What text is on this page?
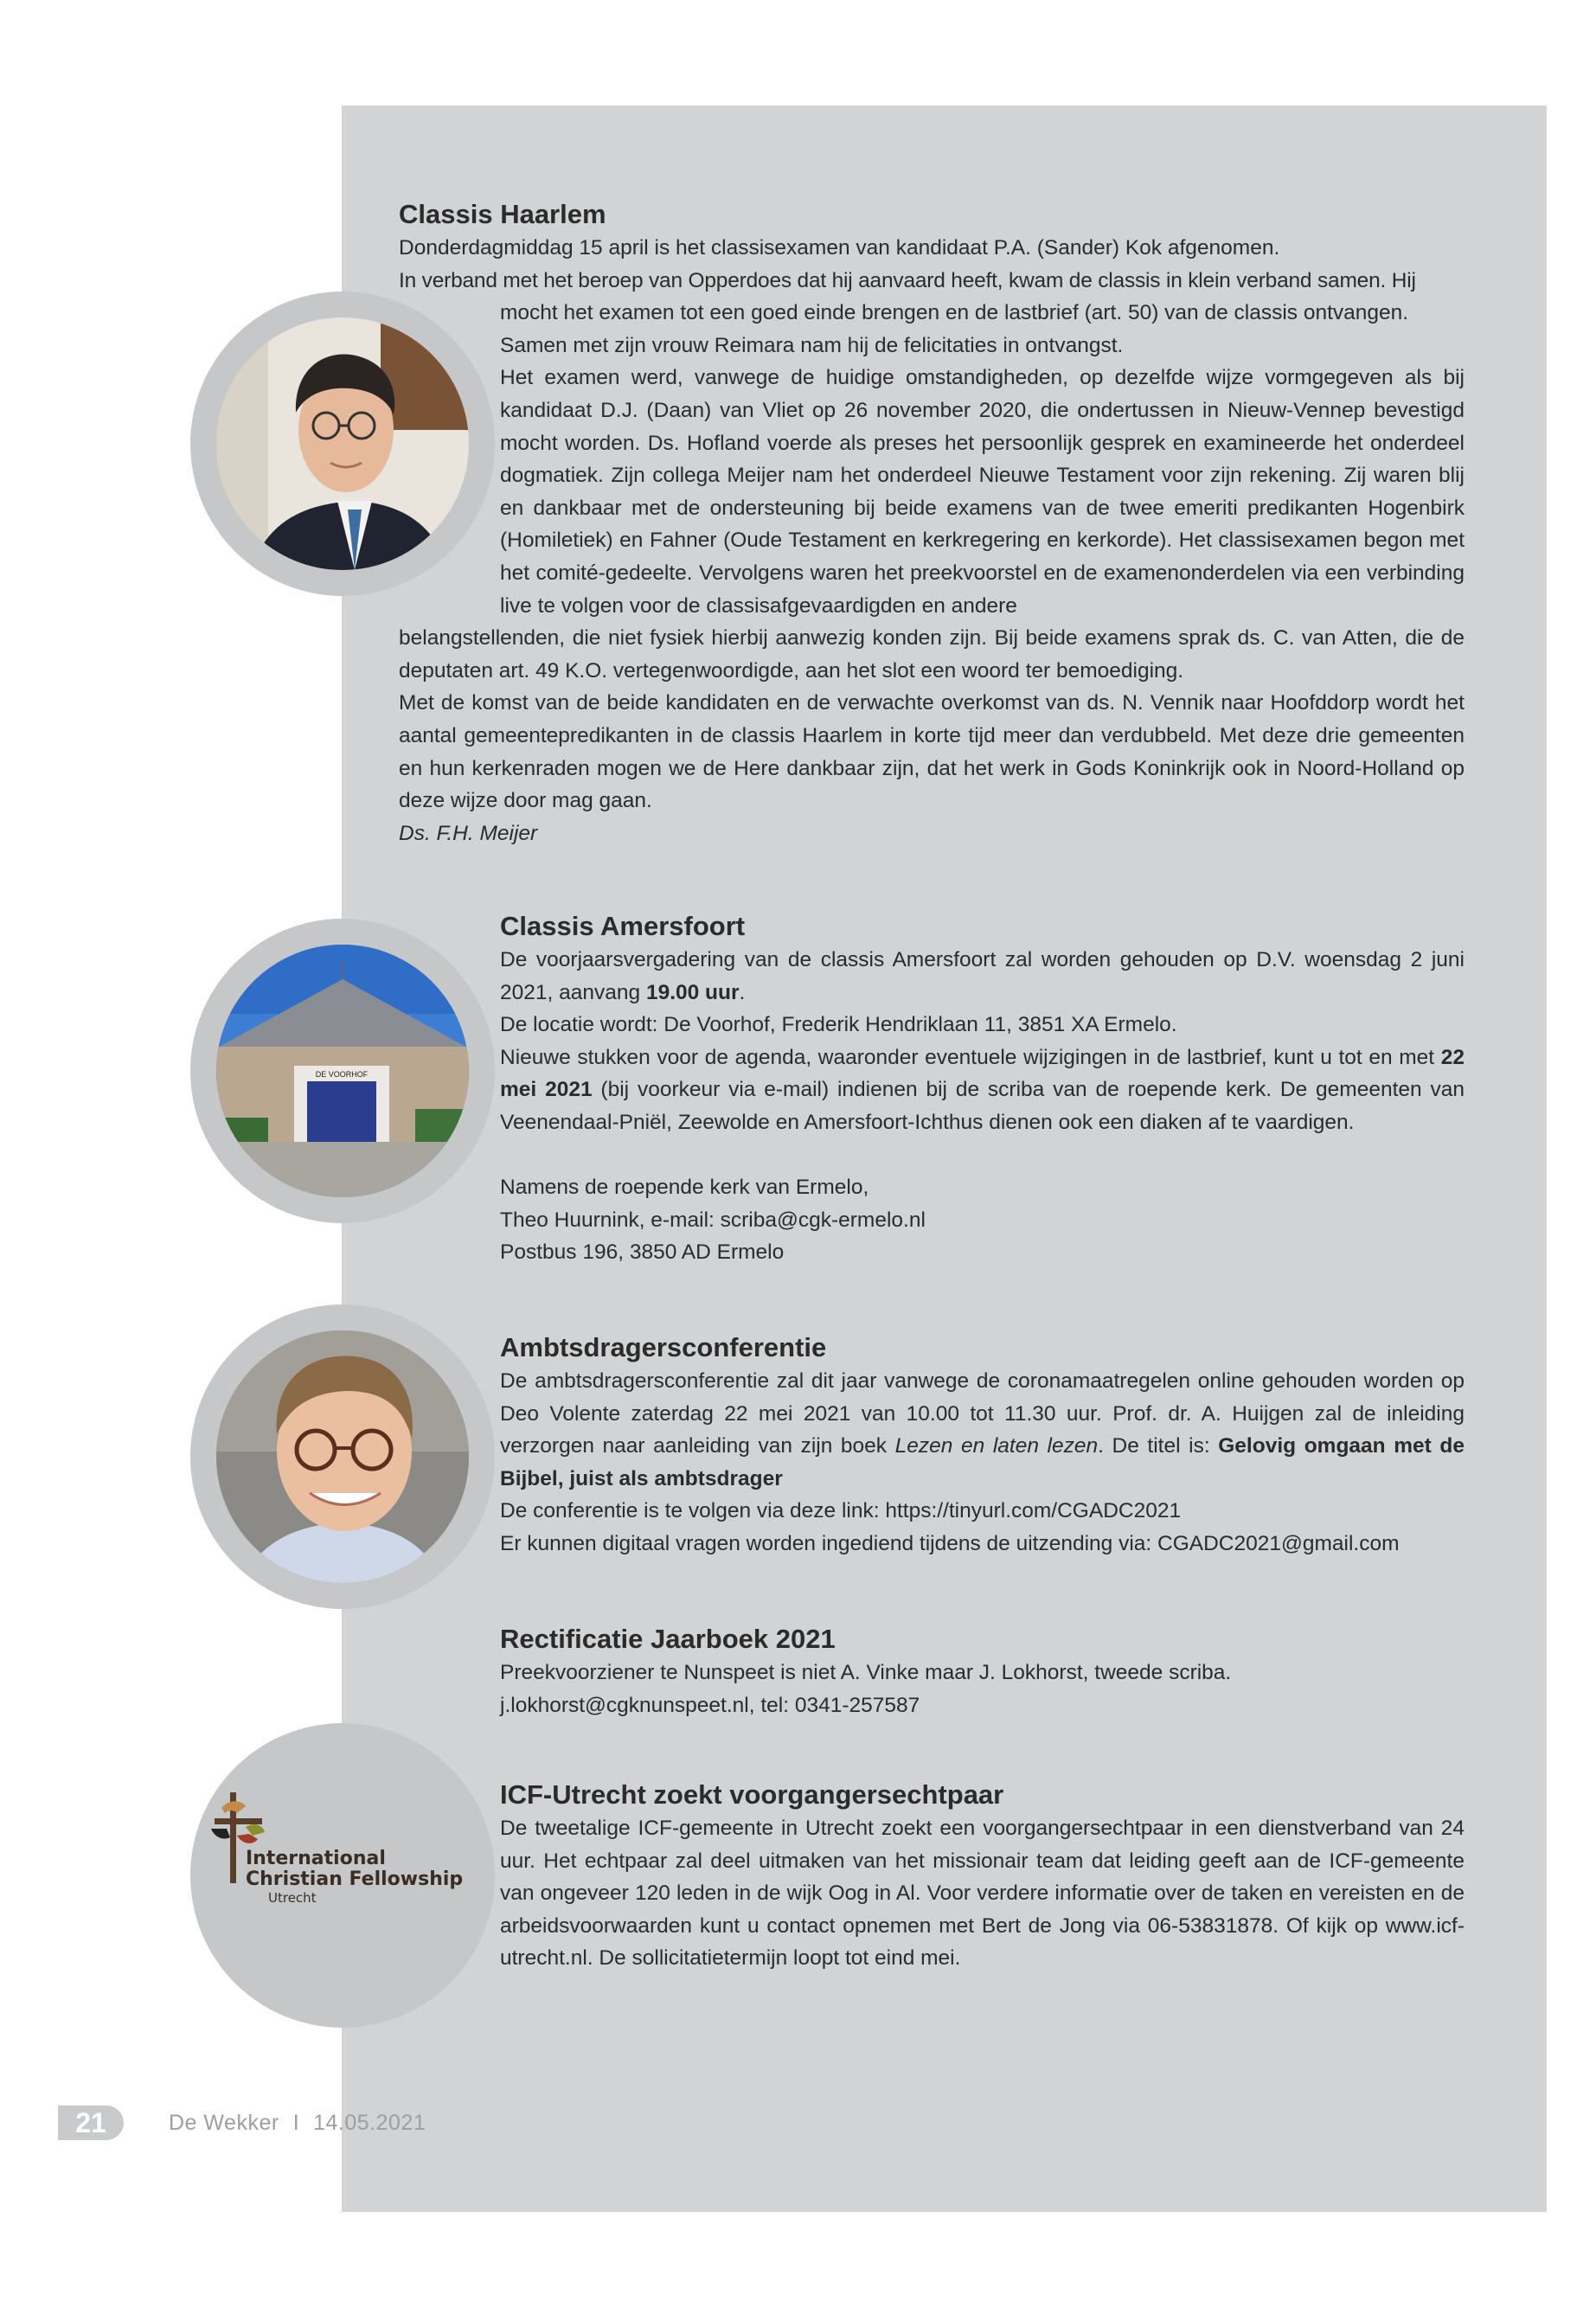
DE VOORHOF
International
Christian Fellowship
Utrecht
Classis Haarlem

Donderdagmiddag 15 april is het classisexamen van kandidaat P.A. (Sander) Kok afgenomen.

In verband met het beroep van Opperdoes dat hij aanvaard heeft, kwam de classis in klein verband samen. Hij

mocht het examen tot een goed einde brengen en de lastbrief (art. 50) van de classis ontvangen. Samen met zijn vrouw Reimara nam hij de felicitaties in ontvangst.

Het examen werd, vanwege de huidige omstandigheden, op dezelfde wijze vormgegeven als bij kandidaat D.J. (Daan) van Vliet op 26 november 2020, die ondertussen in Nieuw-Vennep bevestigd mocht worden. Ds. Hofland voerde als preses het persoonlijk gesprek en examineerde het onderdeel dogmatiek. Zijn collega Meijer nam het onderdeel Nieuwe Testament voor zijn rekening. Zij waren blij en dankbaar met de ondersteuning bij beide examens van de twee emeriti predikanten Hogenbirk (Homiletiek) en Fahner (Oude Testament en kerkregering en kerkorde). Het classisexamen begon met het comité-gedeelte. Vervolgens waren het preekvoorstel en de examenonderdelen via een verbinding live te volgen voor de classisafgevaardigden en andere

belangstellenden, die niet fysiek hierbij aanwezig konden zijn. Bij beide examens sprak ds. C. van Atten, die de deputaten art. 49 K.O. vertegenwoordigde, aan het slot een woord ter bemoediging.

Met de komst van de beide kandidaten en de verwachte overkomst van ds. N. Vennik naar Hoofddorp wordt het aantal gemeentepredikanten in de classis Haarlem in korte tijd meer dan verdubbeld. Met deze drie gemeenten en hun kerkenraden mogen we de Here dankbaar zijn, dat het werk in Gods Koninkrijk ook in Noord-Holland op deze wijze door mag gaan.

Ds. F.H. Meijer

Classis Amersfoort

De voorjaarsvergadering van de classis Amersfoort zal worden gehouden op D.V. woensdag 2 juni 2021, aanvang 19.00 uur.

De locatie wordt: De Voorhof, Frederik Hendriklaan 11, 3851 XA Ermelo.

Nieuwe stukken voor de agenda, waaronder eventuele wijzigingen in de lastbrief, kunt u tot en met 22 mei 2021 (bij voorkeur via e-mail) indienen bij de scriba van de roepende kerk. De gemeenten van Veenendaal-Pniël, Zeewolde en Amersfoort-Ichthus dienen ook een diaken af te vaardigen.

Namens de roepende kerk van Ermelo,

Theo Huurnink, e-mail: scriba@cgk-ermelo.nl

Postbus 196, 3850 AD Ermelo

Ambtsdragersconferentie

De ambtsdragersconferentie zal dit jaar vanwege de coronamaatregelen online gehouden worden op Deo Volente zaterdag 22 mei 2021 van 10.00 tot 11.30 uur. Prof. dr. A. Huijgen zal de inleiding verzorgen naar aanleiding van zijn boek Lezen en laten lezen. De titel is: Gelovig omgaan met de Bijbel, juist als ambtsdrager

De conferentie is te volgen via deze link: https://tinyurl.com/CGADC2021

Er kunnen digitaal vragen worden ingediend tijdens de uitzending via: CGADC2021@gmail.com

Rectificatie Jaarboek 2021

Preekvoorziener te Nunspeet is niet A. Vinke maar J. Lokhorst, tweede scriba.

j.lokhorst@cgknunspeet.nl, tel: 0341-257587

ICF-Utrecht zoekt voorgangersechtpaar

De tweetalige ICF-gemeente in Utrecht zoekt een voorgangersechtpaar in een dienstverband van 24 uur. Het echtpaar zal deel uitmaken van het missionair team dat leiding geeft aan de ICF-gemeente van ongeveer 120 leden in de wijk Oog in Al. Voor verdere informatie over de taken en vereisten en de arbeidsvoorwaarden kunt u contact opnemen met Bert de Jong via 06-53831878. Of kijk op www.icf-utrecht.nl. De sollicitatietermijn loopt tot eind mei.

21	De Wekker I 14.05.2021
